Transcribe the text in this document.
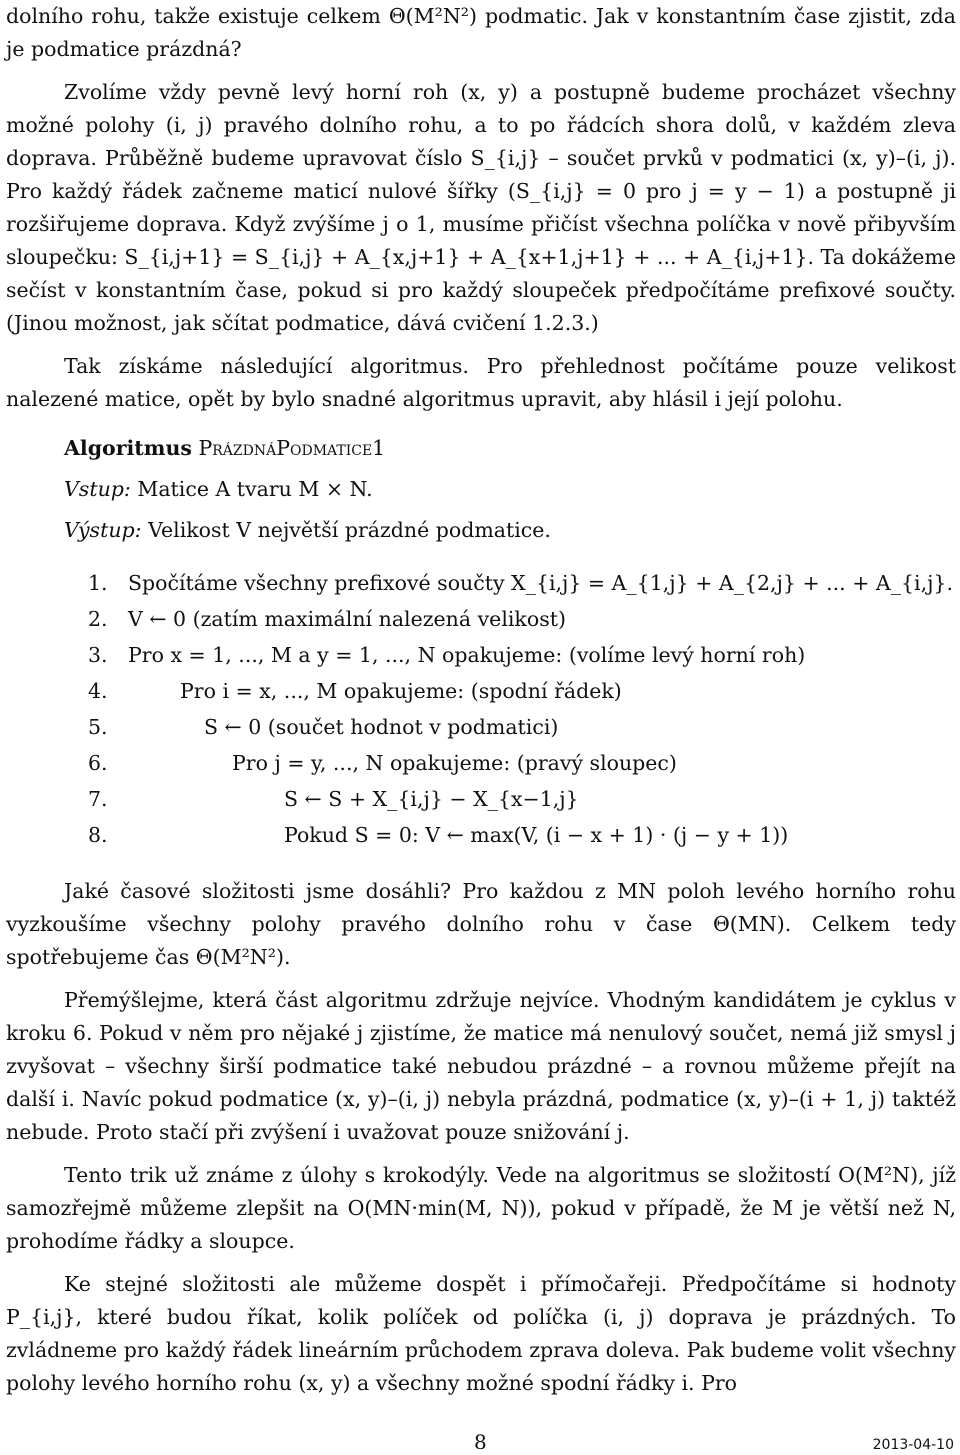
dolního rohu, takže existuje celkem Θ(M²N²) podmatic. Jak v konstantním čase zjistit, zda je podmatice prázdná?

Zvolíme vždy pevně levý horní roh (x, y) a postupně budeme procházet všechny možné polohy (i, j) pravého dolního rohu, a to po řádcích shora dolů, v každém zleva doprava. Průběžně budeme upravovat číslo S_{i,j} – součet prvků v podmatici (x, y)–(i, j). Pro každý řádek začneme maticí nulové šířky (S_{i,j} = 0 pro j = y − 1) a postupně ji rozšiřujeme doprava. Když zvýšíme j o 1, musíme přičíst všechna políčka v nově přibyvším sloupečku: S_{i,j+1} = S_{i,j} + A_{x,j+1} + A_{x+1,j+1} + ... + A_{i,j+1}. Ta dokážeme sečíst v konstantním čase, pokud si pro každý sloupeček předpočítáme prefixové součty. (Jinou možnost, jak sčítat podmatice, dává cvičení 1.2.3.)

Tak získáme následující algoritmus. Pro přehlednost počítáme pouze velikost nalezené matice, opět by bylo snadné algoritmus upravit, aby hlásil i její polohu.

Algoritmus PrázdnáPodmatice1
Vstup: Matice A tvaru M × N.
Výstup: Velikost V největší prázdné podmatice.
1. Spočítáme všechny prefixové součty X_{i,j} = A_{1,j} + A_{2,j} + ... + A_{i,j}.
2. V ← 0 (zatím maximální nalezená velikost)
3. Pro x = 1, ..., M a y = 1, ..., N opakujeme: (volíme levý horní roh)
4.	Pro i = x, ..., M opakujeme: (spodní řádek)
5.	S ← 0 (součet hodnot v podmatici)
6.	Pro j = y, ..., N opakujeme: (pravý sloupec)
7.	S ← S + X_{i,j} − X_{x−1,j}
8.	Pokud S = 0: V ← max(V, (i − x + 1) · (j − y + 1))

Jaké časové složitosti jsme dosáhli? Pro každou z MN poloh levého horního rohu vyzkoušíme všechny polohy pravého dolního rohu v čase Θ(MN). Celkem tedy spotřebujeme čas Θ(M²N²).

Přemýšlejme, která část algoritmu zdržuje nejvíce. Vhodným kandidátem je cyklus v kroku 6. Pokud v něm pro nějaké j zjistíme, že matice má nenulový součet, nemá již smysl j zvyšovat – všechny širší podmatice také nebudou prázdné – a rovnou můžeme přejít na další i. Navíc pokud podmatice (x, y)–(i, j) nebyla prázdná, podmatice (x, y)–(i + 1, j) taktéž nebude. Proto stačí při zvýšení i uvažovat pouze snižování j.

Tento trik už známe z úlohy s krokodýly. Vede na algoritmus se složitostí O(M²N), jíž samozřejmě můžeme zlepšit na O(MN·min(M, N)), pokud v případě, že M je větší než N, prohodíme řádky a sloupce.

Ke stejné složitosti ale můžeme dospět i přímočařeji. Předpočítáme si hodnoty P_{i,j}, které budou říkat, kolik políček od políčka (i, j) doprava je prázdných. To zvládneme pro každý řádek lineárním průchodem zprava doleva. Pak budeme volit všechny polohy levého horního rohu (x, y) a všechny možné spodní řádky i. Pro

8	2013-04-10
